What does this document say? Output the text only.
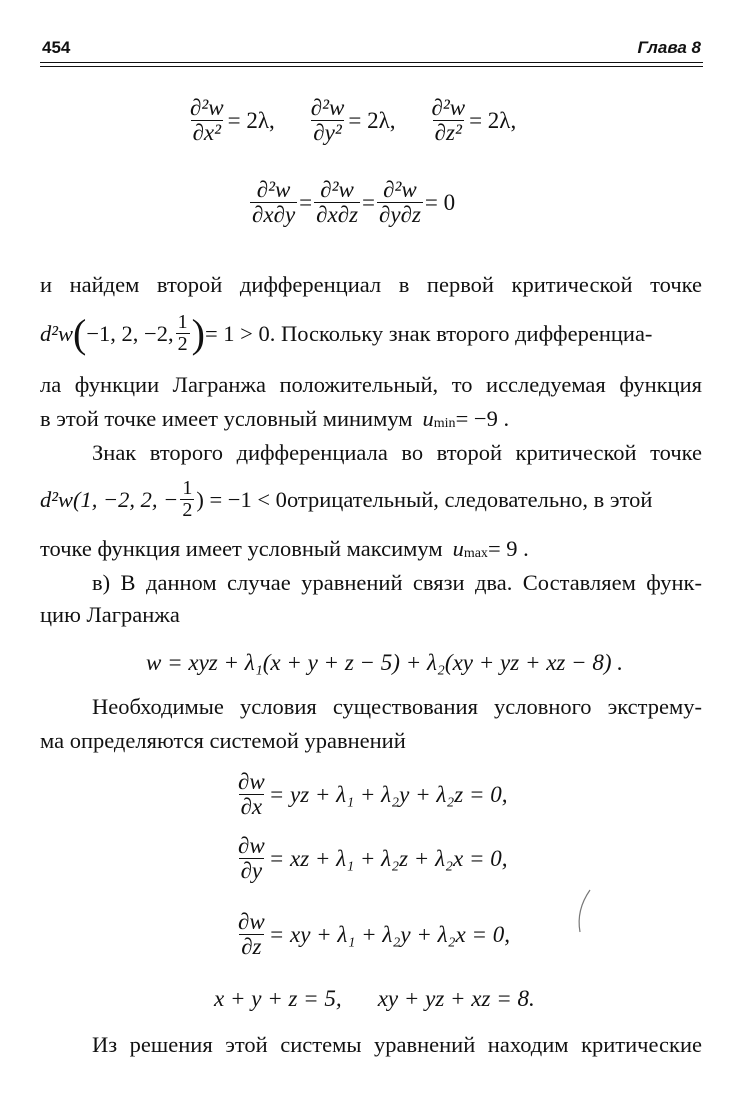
454	Глава 8
$\frac{\text{∂²w}}{\text{∂x²}} = 2\lambda$, $\frac{\text{∂²w}}{\text{∂y²}} = 2\lambda$, $\frac{\text{∂²w}}{\text{∂z²}} = 2\lambda$,
$\frac{\text{∂²w}}{\partial x\partial y} = \frac{\text{∂²w}}{\partial x\partial z} = \frac{\text{∂²w}}{\partial y\partial z} = 0$
и найдем второй дифференциал в первой критической точке
d²w ( −1, 2, −2, $\frac{1}{2}$ ) = 1 > 0 . Поскольку знак второго дифференциа-
ла функции Лагранжа положительный, то исследуемая функция
в этой точке имеет условный минимум $u_{min} = -9$ .
Знак второго дифференциала во второй критической точке
d²w(1, −2, 2, − $\frac{1}{2}$ ) = −1 < 0 отрицательный, следовательно, в этой
точке функция имеет условный максимум $u_{max} = 9$ .
в) В данном случае уравнений связи два. Составляем функ-
цию Лагранжа
w = xyz + λ₁(x + y + z − 5) + λ₂(xy + yz + xz − 8) .
Необходимые условия существования условного экстрему-
ма определяются системой уравнений
$\frac{\partial w}{\partial x}$ = yz + λ₁ + λ₂y + λ₂z = 0,
$\frac{\partial w}{\partial y}$ = xz + λ₁ + λ₂z + λ₂x = 0,
$\frac{\partial w}{\partial z}$ = xy + λ₁ + λ₂y + λ₂x = 0,
x + y + z = 5, xy + yz + xz = 8.
Из решения этой системы уравнений находим критические
